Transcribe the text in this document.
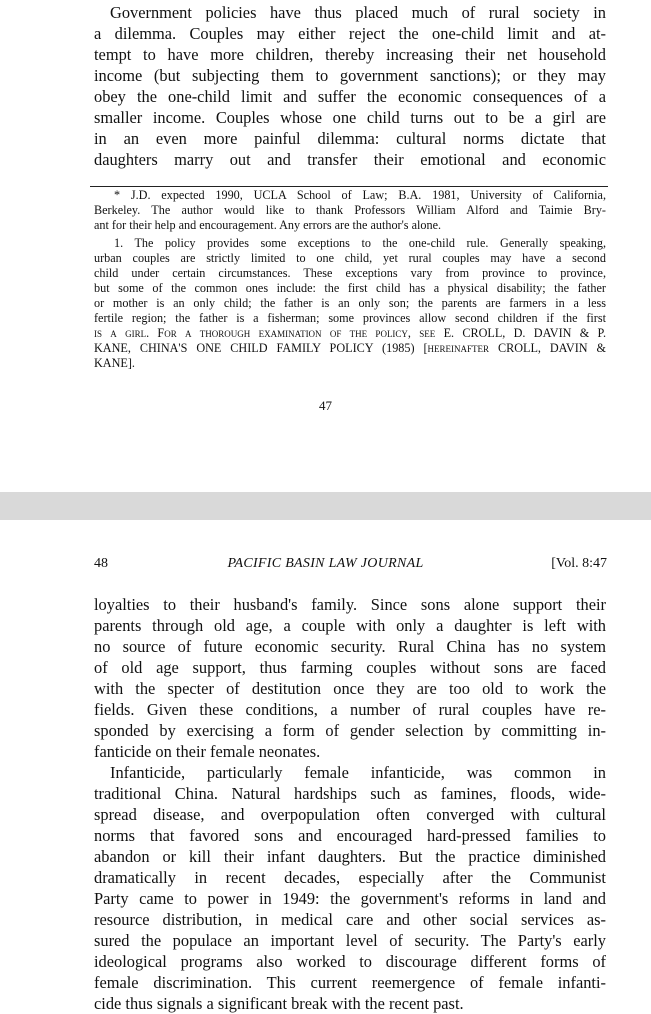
Government policies have thus placed much of rural society in
a dilemma. Couples may either reject the one-child limit and at-
tempt to have more children, thereby increasing their net household
income (but subjecting them to government sanctions); or they may
obey the one-child limit and suffer the economic consequences of a
smaller income. Couples whose one child turns out to be a girl are
in an even more painful dilemma: cultural norms dictate that
daughters marry out and transfer their emotional and economic
* J.D. expected 1990, UCLA School of Law; B.A. 1981, University of California,
Berkeley. The author would like to thank Professors William Alford and Taimie Bry-
ant for their help and encouragement. Any errors are the author's alone.
1. The policy provides some exceptions to the one-child rule. Generally speaking,
urban couples are strictly limited to one child, yet rural couples may have a second
child under certain circumstances. These exceptions vary from province to province,
but some of the common ones include: the first child has a physical disability; the father
or mother is an only child; the father is an only son; the parents are farmers in a less
fertile region; the father is a fisherman; some provinces allow second children if the first
is a girl. For a thorough examination of the policy, see E. CROLL, D. DAVIN & P.
KANE, CHINA'S ONE CHILD FAMILY POLICY (1985) [hereinafter CROLL, DAVIN &
KANE].
47
48	PACIFIC BASIN LAW JOURNAL	[Vol. 8:47
loyalties to their husband's family. Since sons alone support their
parents through old age, a couple with only a daughter is left with
no source of future economic security. Rural China has no system
of old age support, thus farming couples without sons are faced
with the specter of destitution once they are too old to work the
fields. Given these conditions, a number of rural couples have re-
sponded by exercising a form of gender selection by committing in-
fanticide on their female neonates.
Infanticide, particularly female infanticide, was common in
traditional China. Natural hardships such as famines, floods, wide-
spread disease, and overpopulation often converged with cultural
norms that favored sons and encouraged hard-pressed families to
abandon or kill their infant daughters. But the practice diminished
dramatically in recent decades, especially after the Communist
Party came to power in 1949: the government's reforms in land and
resource distribution, in medical care and other social services as-
sured the populace an important level of security. The Party's early
ideological programs also worked to discourage different forms of
female discrimination. This current reemergence of female infanti-
cide thus signals a significant break with the recent past.
